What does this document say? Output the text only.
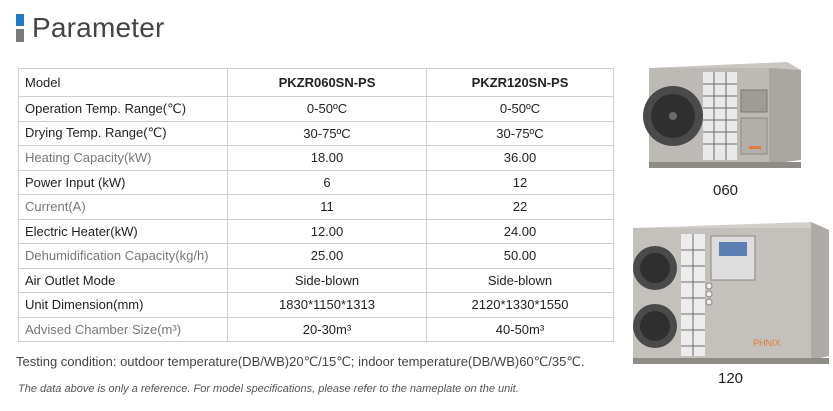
Parameter
Model	PKZR060SN-PS	PKZR120SN-PS
Operation Temp. Range(℃)	0-50ºC	0-50ºC
Drying Temp. Range(℃)	30-75ºC	30-75ºC
Heating Capacity(kW)	18.00	36.00
Power Input (kW)	6	12
Current(A)	11	22
Electric Heater(kW)	12.00	24.00
Dehumidification Capacity(kg/h)	25.00	50.00
Air Outlet Mode	Side-blown	Side-blown
Unit Dimension(mm)	1830*1150*1313	2120*1330*1550
Advised Chamber Size(m³)	20-30m³	40-50m³
Testing condition: outdoor temperature(DB/WB)20℃/15℃; indoor temperature(DB/WB)60℃/35℃.
The data above is only a reference. For model specifications, please refer to the nameplate on the unit.
060
PHNIX
120
